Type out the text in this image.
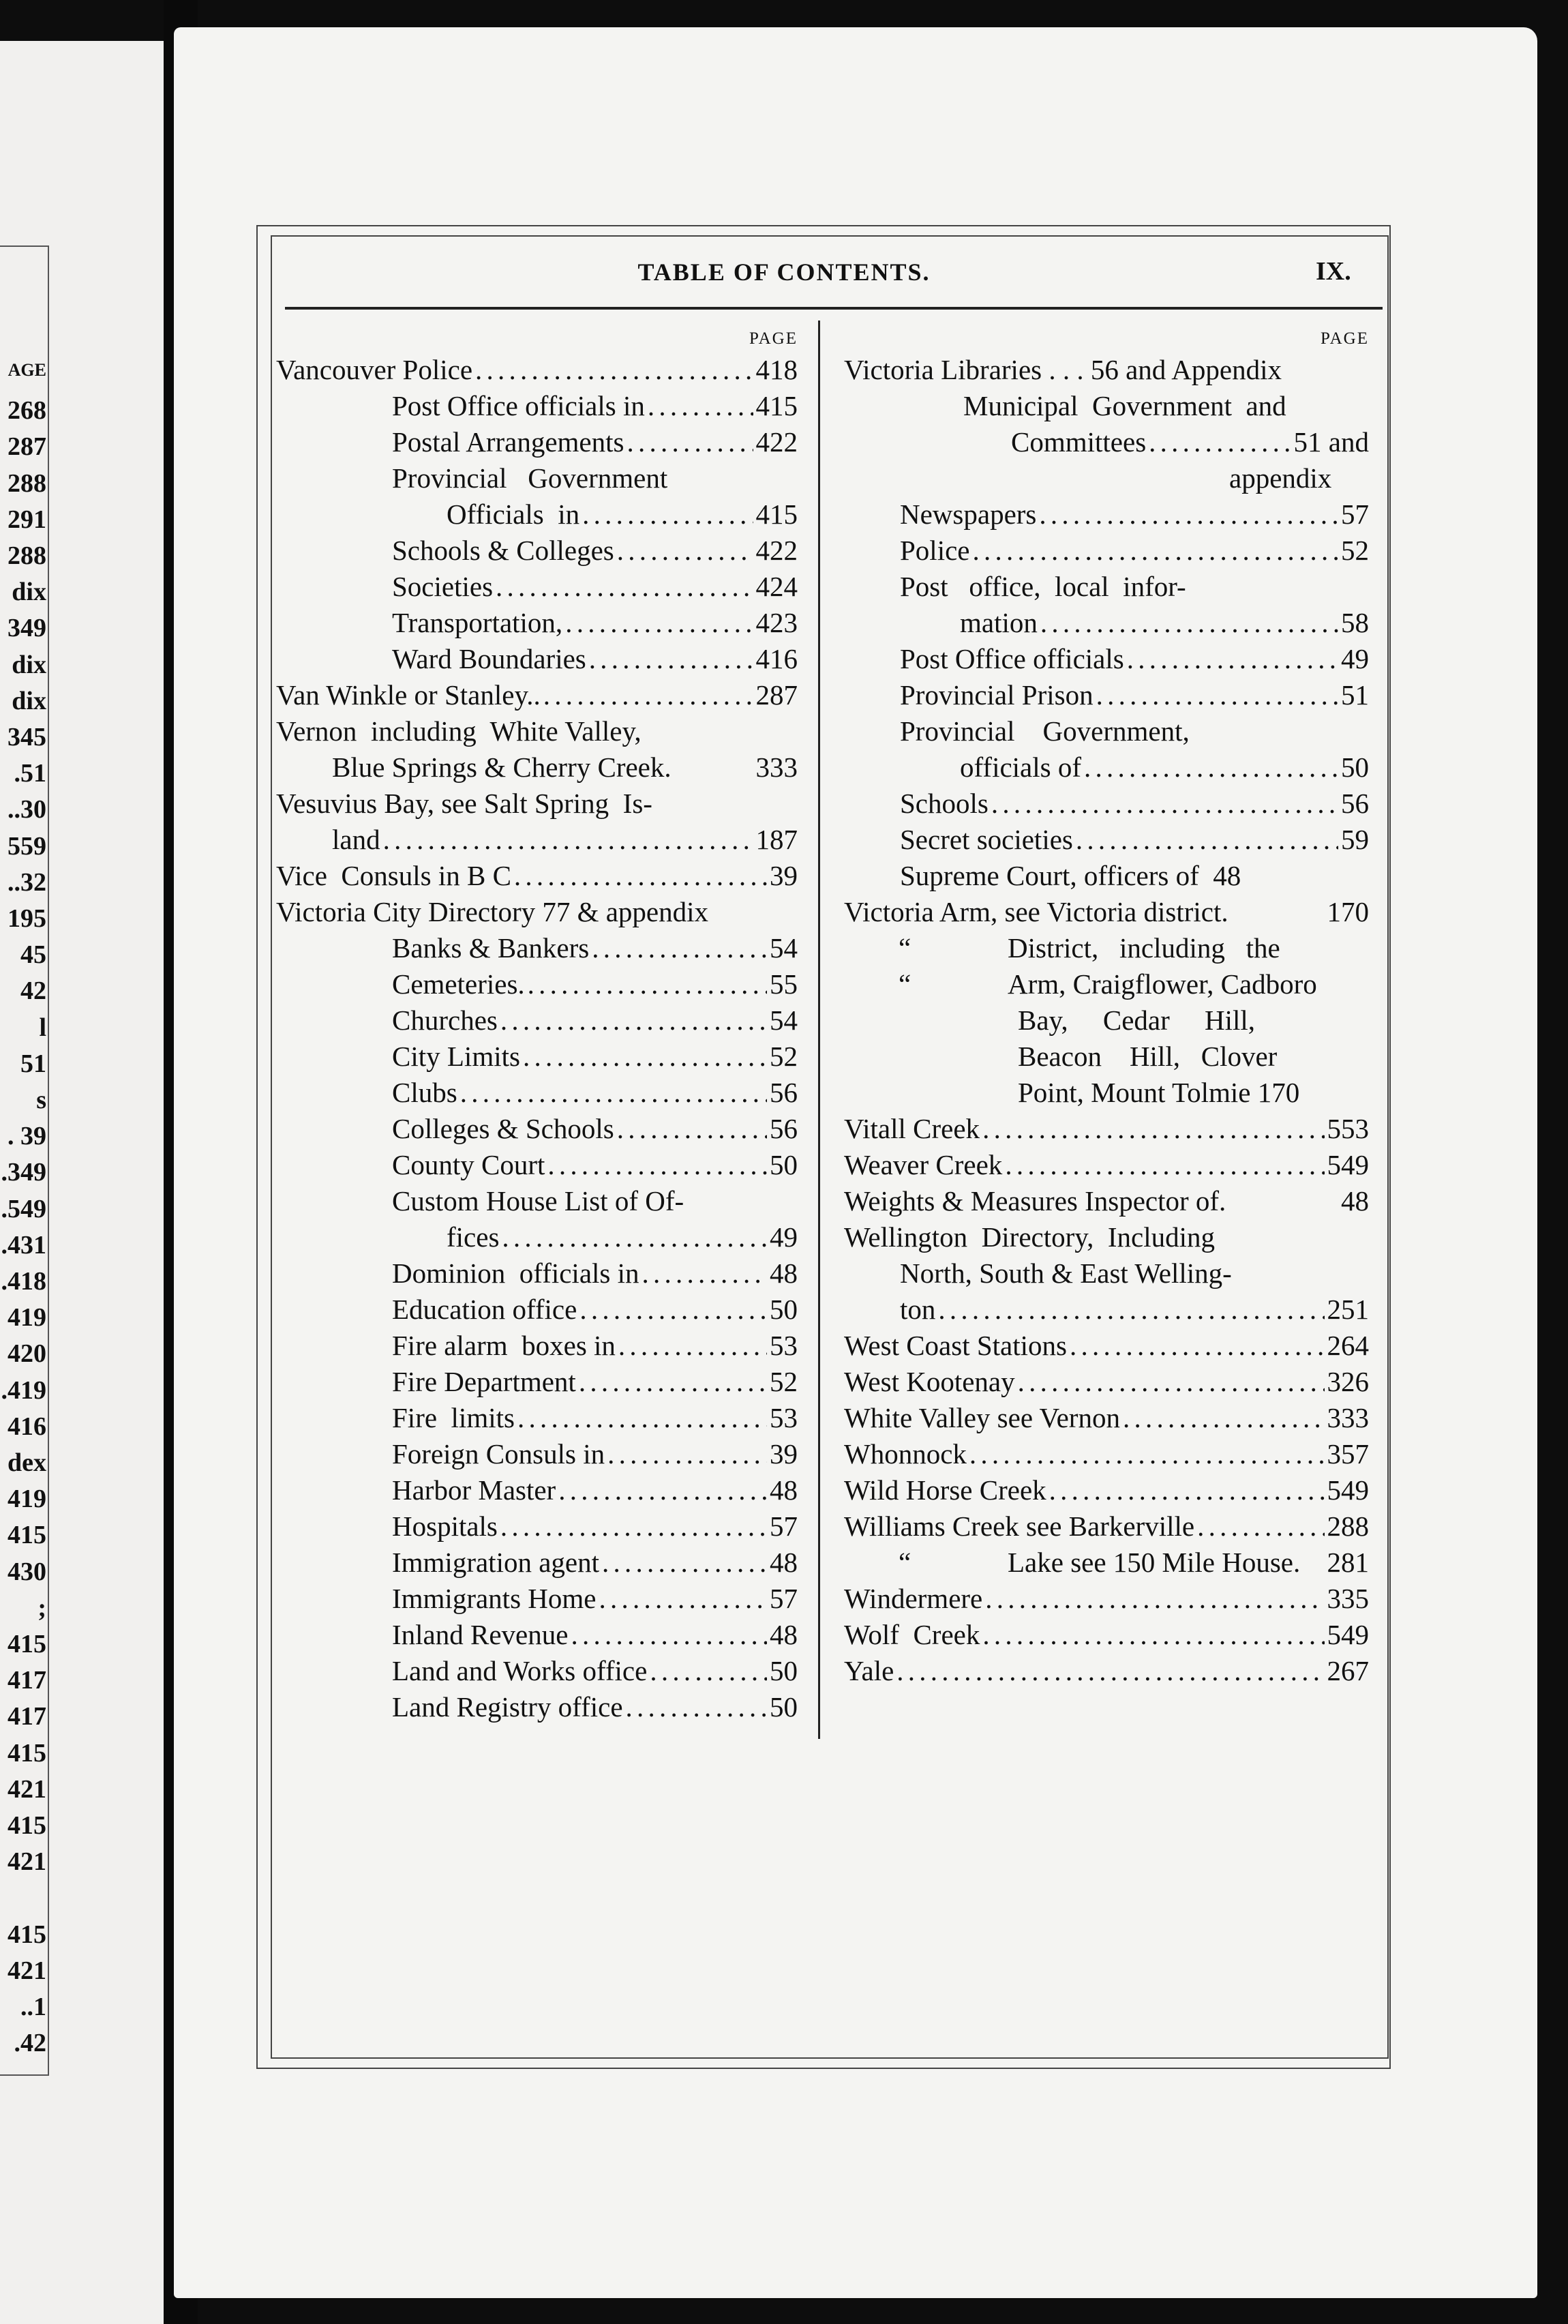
AGE
268
287
288
291
288
dix
349
dix
dix
345
.51
..30
559
..32
195
45
42
l
51
s
. 39
.349
.549
.431
.418
419
420
.419
416
dex
419
415
430
;
415
417
417
415
421
415
421
415
421
..1
.42
TABLE OF CONTENTS.	IX.
PAGE
Vancouver Police . . .	418
Post Office officials in . . .	415
Postal Arrangements . . .	422
Provincial   Government
Officials  in . . .	415
Schools & Colleges . . .	422
Societies . . .	424
Transportation, . . .	423
Ward Boundaries . . .	416
Van Winkle or Stanley.. . . .	287
Vernon  including  White Valley,
Blue Springs & Cherry Creek.	333
Vesuvius Bay, see Salt Spring  Is-
land . . .	187
Vice  Consuls in B C . . .	39
Victoria City Directory 77 & appendix
Banks & Bankers . . .	54
Cemeteries. . . .	55
Churches . . .	54
City Limits . . .	52
Clubs . . .	56
Colleges & Schools . . .	56
County Court . . .	50
Custom House List of Of-
fices . . .	49
Dominion  officials in . . .	48
Education office . . .	50
Fire alarm  boxes in . . .	53
Fire Department . . .	52
Fire  limits . . .	53
Foreign Consuls in . . .	39
Harbor Master . . .	48
Hospitals . . .	57
Immigration agent . . .	48
Immigrants Home . . .	57
Inland Revenue . . .	48
Land and Works office . . .	50
Land Registry office . . .	50
PAGE
Victoria Libraries . . . 56 and Appendix
Municipal  Government  and
Committees . . .	51 and
appendix
Newspapers . . .	57
Police . . .	52
Post   office,  local  infor-
mation . . .	58
Post Office officials . . .	49
Provincial Prison . . .	51
Provincial    Government,
officials of . . .	50
Schools . . .	56
Secret societies . . .	59
Supreme Court, officers of  48
Victoria Arm, see Victoria district.	170
“	District,   including   the
“	Arm, Craigflower, Cadboro
Bay,     Cedar     Hill,
Beacon    Hill,   Clover
Point, Mount Tolmie 170
Vitall Creek . . .	553
Weaver Creek . . .	549
Weights & Measures Inspector of.	48
Wellington  Directory,  Including
North, South & East Welling-
ton . . .	251
West Coast Stations . . .	264
West Kootenay . . .	326
White Valley see Vernon . . .	333
Whonnock . . .	357
Wild Horse Creek . . .	549
Williams Creek see Barkerville . . .	288
“	Lake see 150 Mile House. 281
Windermere . . .	335
Wolf  Creek . . .	549
Yale . . .	267
